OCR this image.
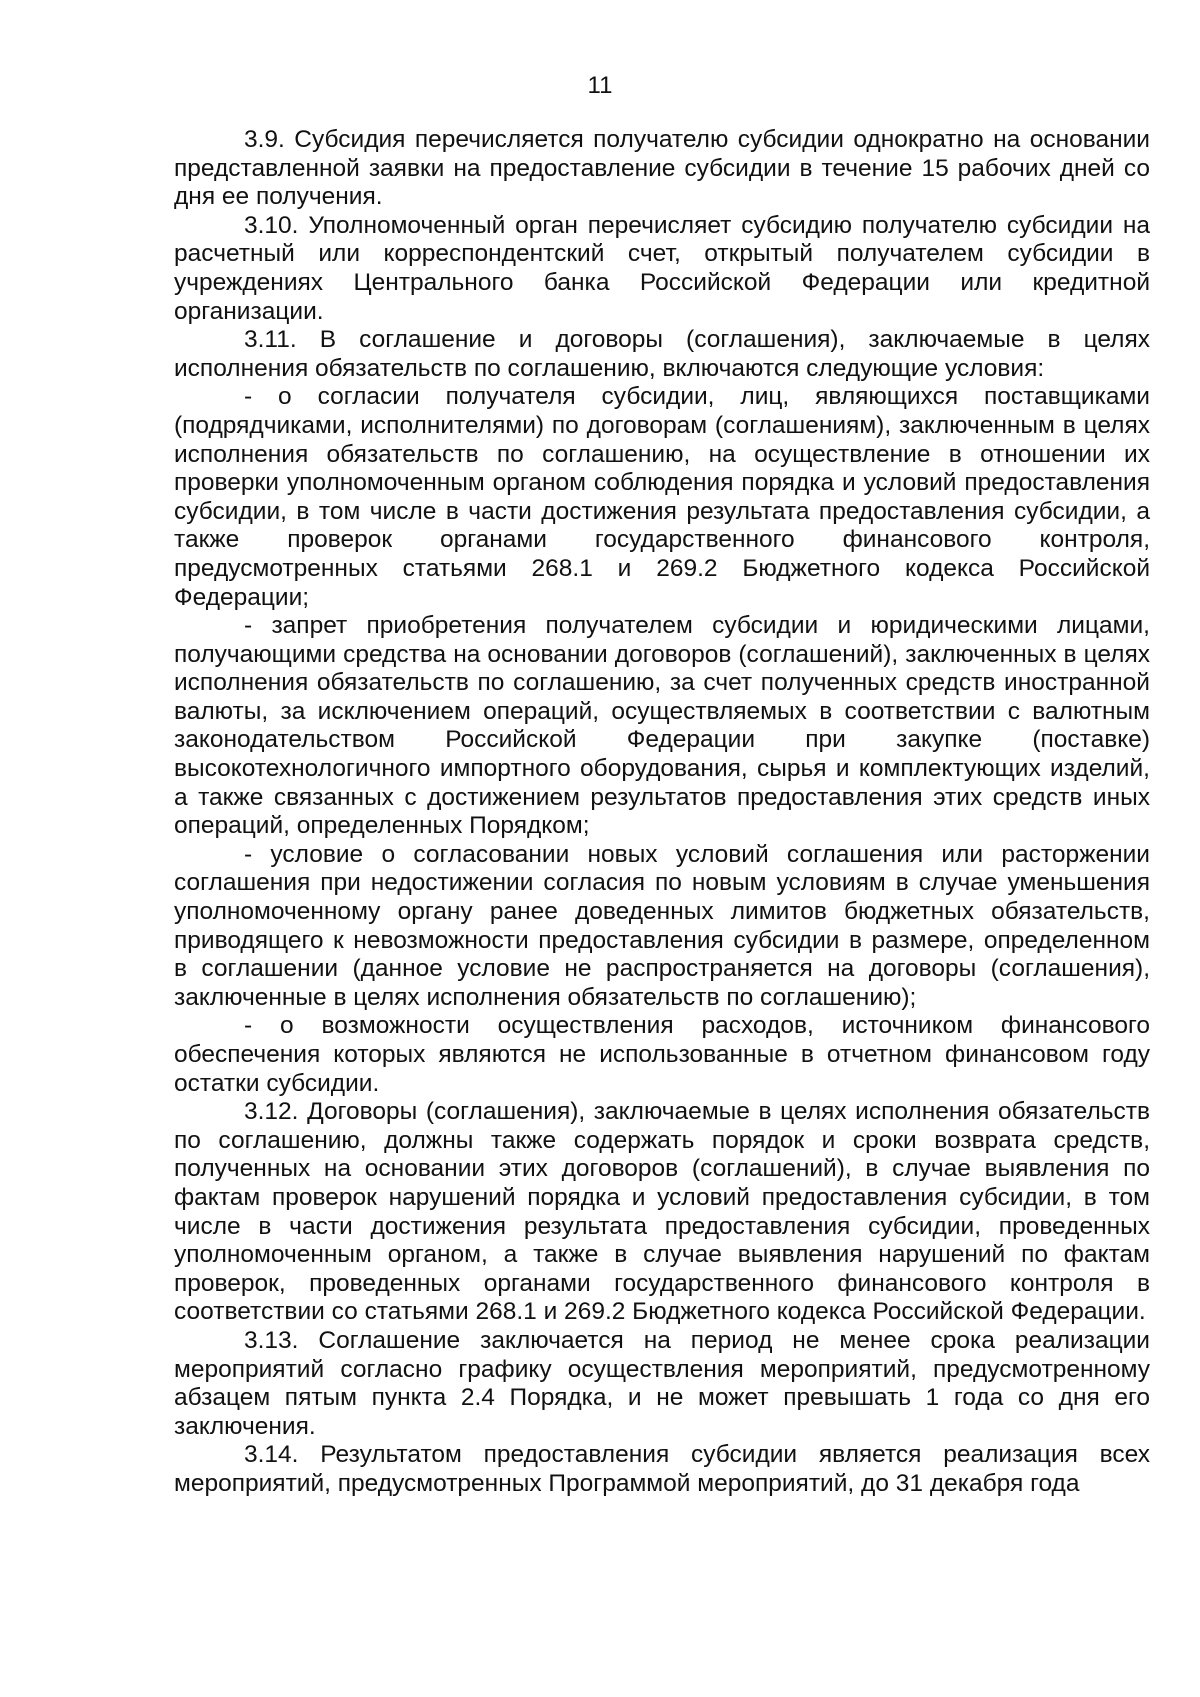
11

3.9. Субсидия перечисляется получателю субсидии однократно на основании представленной заявки на предоставление субсидии в течение 15 рабочих дней со дня ее получения.

3.10. Уполномоченный орган перечисляет субсидию получателю субсидии на расчетный или корреспондентский счет, открытый получателем субсидии в учреждениях Центрального банка Российской Федерации или кредитной организации.

3.11. В соглашение и договоры (соглашения), заключаемые в целях исполнения обязательств по соглашению, включаются следующие условия:

- о согласии получателя субсидии, лиц, являющихся поставщиками (подрядчиками, исполнителями) по договорам (соглашениям), заключенным в целях исполнения обязательств по соглашению, на осуществление в отношении их проверки уполномоченным органом соблюдения порядка и условий предоставления субсидии, в том числе в части достижения результата предоставления субсидии, а также проверок органами государственного финансового контроля, предусмотренных статьями 268.1 и 269.2 Бюджетного кодекса Российской Федерации;

- запрет приобретения получателем субсидии и юридическими лицами, получающими средства на основании договоров (соглашений), заключенных в целях исполнения обязательств по соглашению, за счет полученных средств иностранной валюты, за исключением операций, осуществляемых в соответствии с валютным законодательством Российской Федерации при закупке (поставке) высокотехнологичного импортного оборудования, сырья и комплектующих изделий, а также связанных с достижением результатов предоставления этих средств иных операций, определенных Порядком;

- условие о согласовании новых условий соглашения или расторжении соглашения при недостижении согласия по новым условиям в случае уменьшения уполномоченному органу ранее доведенных лимитов бюджетных обязательств, приводящего к невозможности предоставления субсидии в размере, определенном в соглашении (данное условие не распространяется на договоры (соглашения), заключенные в целях исполнения обязательств по соглашению);

- о возможности осуществления расходов, источником финансового обеспечения которых являются не использованные в отчетном финансовом году остатки субсидии.

3.12. Договоры (соглашения), заключаемые в целях исполнения обязательств по соглашению, должны также содержать порядок и сроки возврата средств, полученных на основании этих договоров (соглашений), в случае выявления по фактам проверок нарушений порядка и условий предоставления субсидии, в том числе в части достижения результата предоставления субсидии, проведенных уполномоченным органом, а также в случае выявления нарушений по фактам проверок, проведенных органами государственного финансового контроля в соответствии со статьями 268.1 и 269.2 Бюджетного кодекса Российской Федерации.

3.13. Соглашение заключается на период не менее срока реализации мероприятий согласно графику осуществления мероприятий, предусмотренному абзацем пятым пункта 2.4 Порядка, и не может превышать 1 года со дня его заключения.

3.14. Результатом предоставления субсидии является реализация всех мероприятий, предусмотренных Программой мероприятий, до 31 декабря года
